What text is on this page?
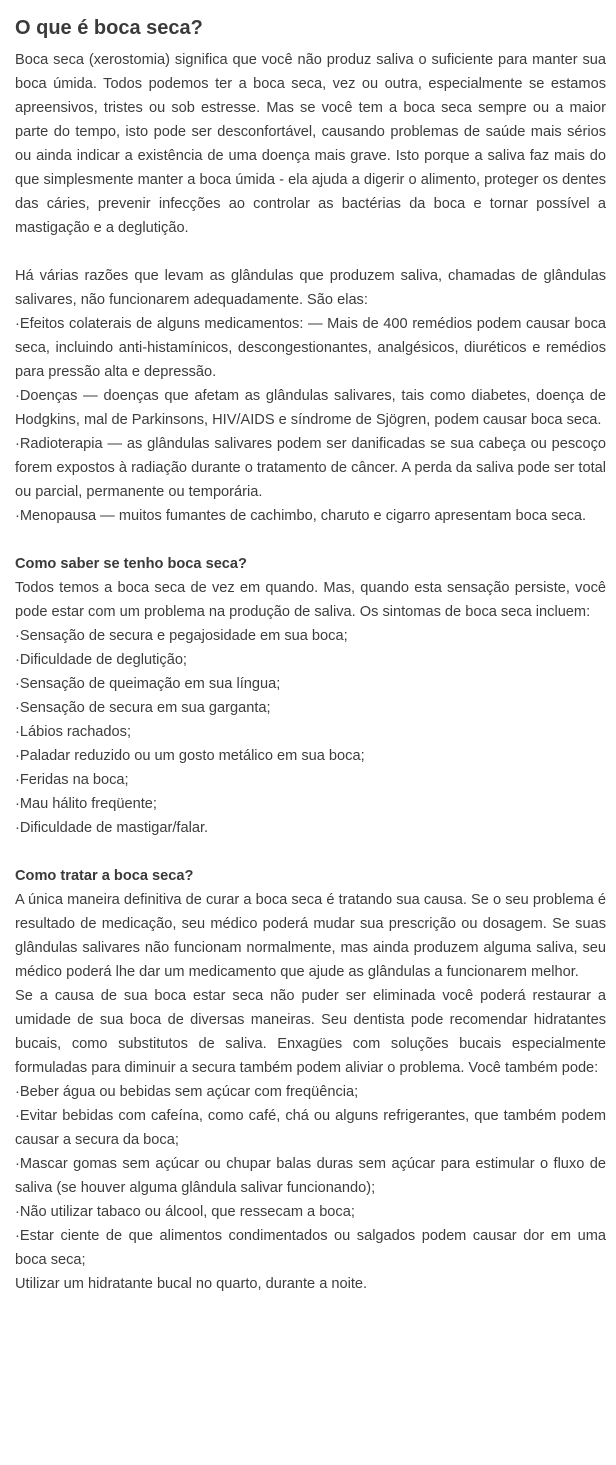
O que é boca seca?

Boca seca (xerostomia) significa que você não produz saliva o suficiente para manter sua boca úmida. Todos podemos ter a boca seca, vez ou outra, especialmente se estamos apreensivos, tristes ou sob estresse. Mas se você tem a boca seca sempre ou a maior parte do tempo, isto pode ser desconfortável, causando problemas de saúde mais sérios ou ainda indicar a existência de uma doença mais grave. Isto porque a saliva faz mais do que simplesmente manter a boca úmida - ela ajuda a digerir o alimento, proteger os dentes das cáries, prevenir infecções ao controlar as bactérias da boca e tornar possível a mastigação e a deglutição.

Há várias razões que levam as glândulas que produzem saliva, chamadas de glândulas salivares, não funcionarem adequadamente. São elas:

·Efeitos colaterais de alguns medicamentos: — Mais de 400 remédios podem causar boca seca, incluindo anti-histamínicos, descongestionantes, analgésicos, diuréticos e remédios para pressão alta e depressão.

·Doenças — doenças que afetam as glândulas salivares, tais como diabetes, doença de Hodgkins, mal de Parkinsons, HIV/AIDS e síndrome de Sjögren, podem causar boca seca.

·Radioterapia — as glândulas salivares podem ser danificadas se sua cabeça ou pescoço forem expostos à radiação durante o tratamento de câncer. A perda da saliva pode ser total ou parcial, permanente ou temporária.

·Menopausa — muitos fumantes de cachimbo, charuto e cigarro apresentam boca seca.

Como saber se tenho boca seca?

Todos temos a boca seca de vez em quando. Mas, quando esta sensação persiste, você pode estar com um problema na produção de saliva. Os sintomas de boca seca incluem:

·Sensação de secura e pegajosidade em sua boca;

·Dificuldade de deglutição;

·Sensação de queimação em sua língua;

·Sensação de secura em sua garganta;

·Lábios rachados;

·Paladar reduzido ou um gosto metálico em sua boca;

·Feridas na boca;

·Mau hálito freqüente;

·Dificuldade de mastigar/falar.

Como tratar a boca seca?

A única maneira definitiva de curar a boca seca é tratando sua causa. Se o seu problema é resultado de medicação, seu médico poderá mudar sua prescrição ou dosagem. Se suas glândulas salivares não funcionam normalmente, mas ainda produzem alguma saliva, seu médico poderá lhe dar um medicamento que ajude as glândulas a funcionarem melhor.

Se a causa de sua boca estar seca não puder ser eliminada você poderá restaurar a umidade de sua boca de diversas maneiras. Seu dentista pode recomendar hidratantes bucais, como substitutos de saliva. Enxagües com soluções bucais especialmente formuladas para diminuir a secura também podem aliviar o problema. Você também pode:

·Beber água ou bebidas sem açúcar com freqüência;

·Evitar bebidas com cafeína, como café, chá ou alguns refrigerantes, que também podem causar a secura da boca;

·Mascar gomas sem açúcar ou chupar balas duras sem açúcar para estimular o fluxo de saliva (se houver alguma glândula salivar funcionando);

·Não utilizar tabaco ou álcool, que ressecam a boca;

·Estar ciente de que alimentos condimentados ou salgados podem causar dor em uma boca seca;

Utilizar um hidratante bucal no quarto, durante a noite.
